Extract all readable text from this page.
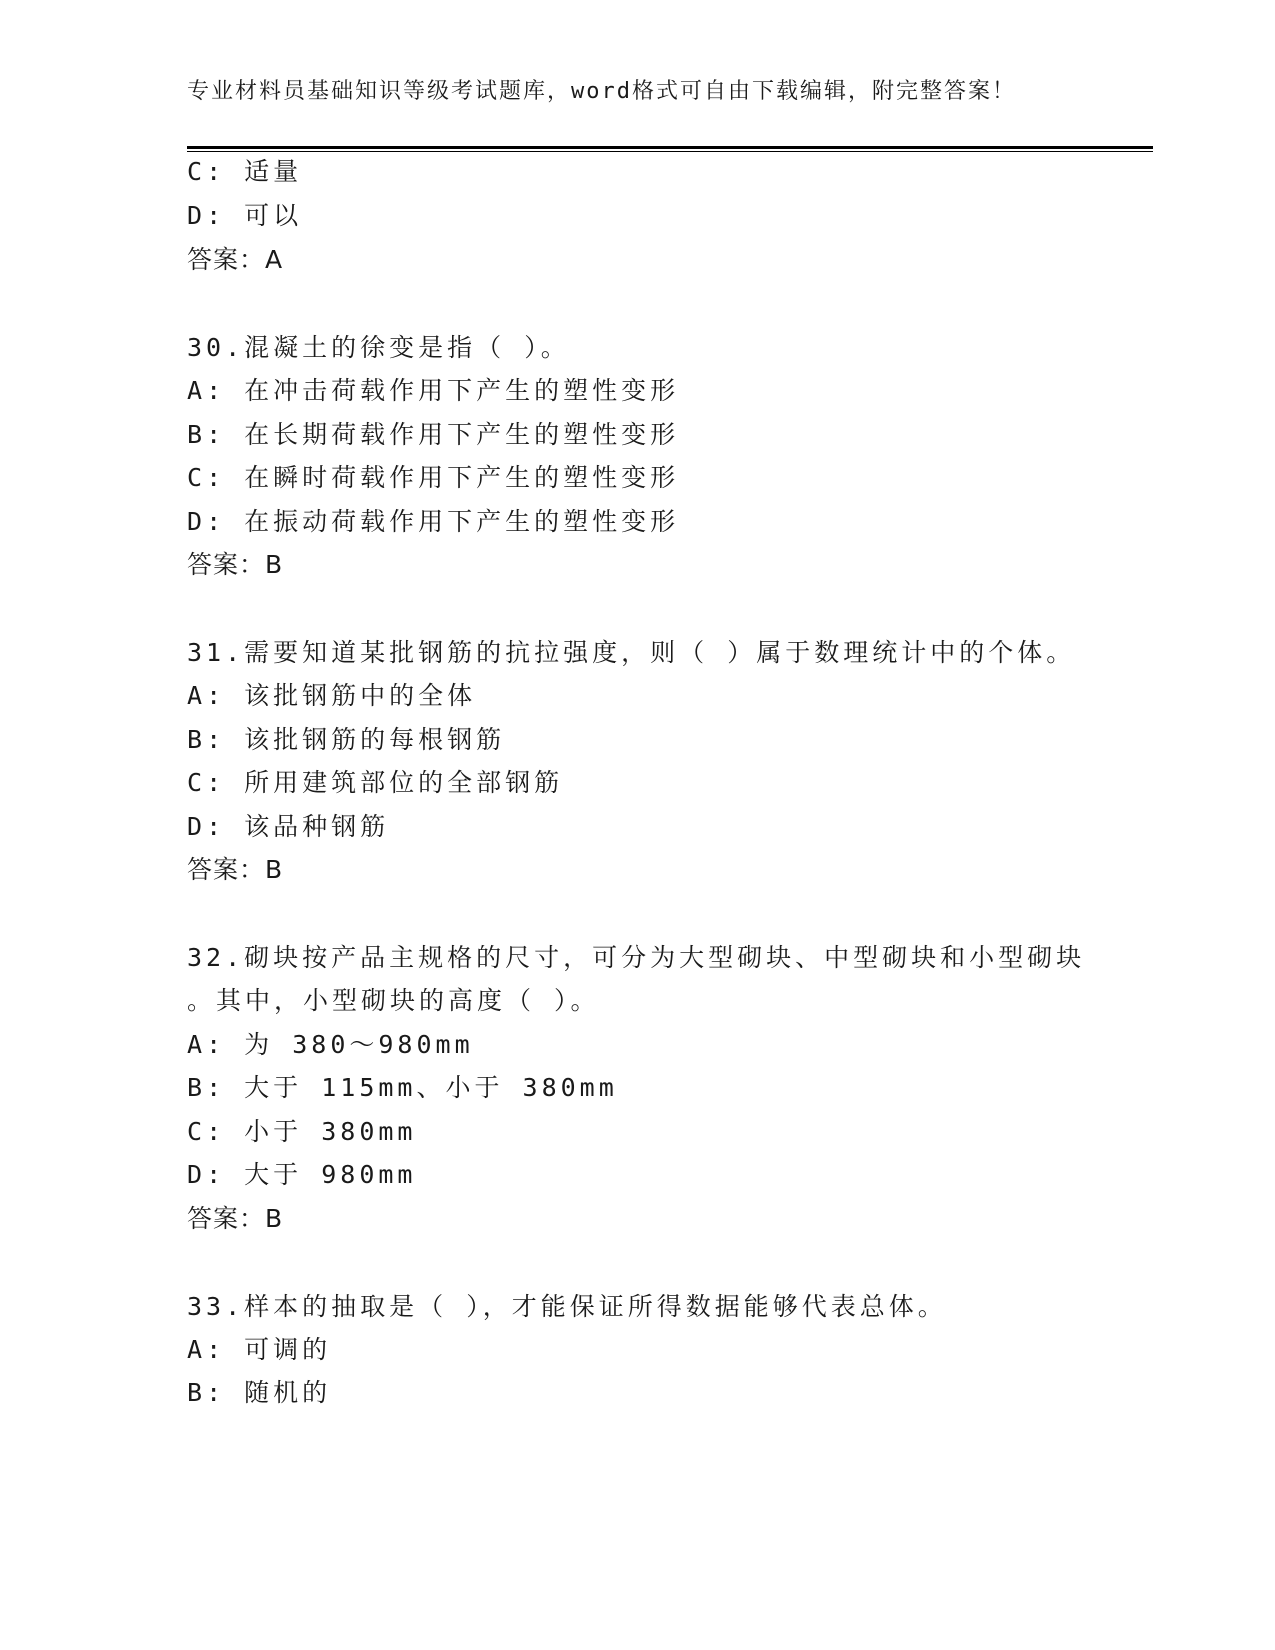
专业材料员基础知识等级考试题库，word格式可自由下载编辑，附完整答案！
C: 适量
D: 可以
答案：A
30.混凝土的徐变是指（ ）。
A: 在冲击荷载作用下产生的塑性变形
B: 在长期荷载作用下产生的塑性变形
C: 在瞬时荷载作用下产生的塑性变形
D: 在振动荷载作用下产生的塑性变形
答案：B
31.需要知道某批钢筋的抗拉强度，则（ ）属于数理统计中的个体。
A: 该批钢筋中的全体
B: 该批钢筋的每根钢筋
C: 所用建筑部位的全部钢筋
D: 该品种钢筋
答案：B
32.砌块按产品主规格的尺寸，可分为大型砌块、中型砌块和小型砌块
。其中，小型砌块的高度（ ）。
A: 为 380～980mm
B: 大于 115mm、小于 380mm
C: 小于 380mm
D: 大于 980mm
答案：B
33.样本的抽取是（ ），才能保证所得数据能够代表总体。
A: 可调的
B: 随机的
